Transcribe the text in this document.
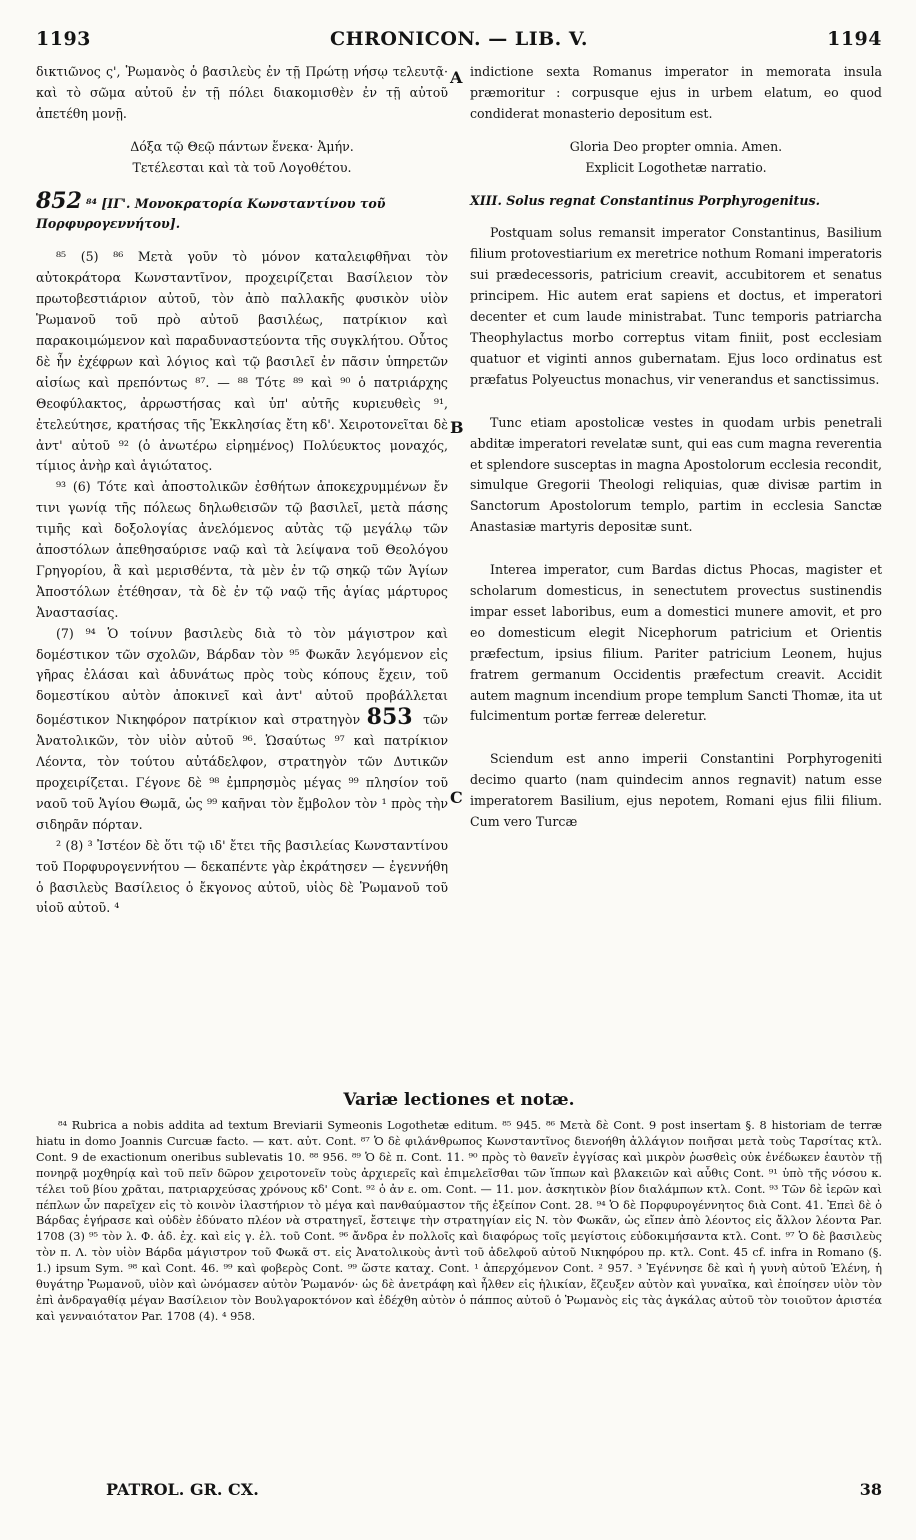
1193	CHRONICON. — LIB. V.	1194

δικτιῶνος ς', Ῥωμανὸς ὁ βασιλεὺς ἐν τῇ Πρώτῃ νήσῳ τελευτᾷ· καὶ τὸ σῶμα αὐτοῦ ἐν τῇ πόλει διακομισθὲν ἐν τῇ αὐτοῦ ἀπετέθη μονῇ.

Δόξα τῷ Θεῷ πάντων ἕνεκα· Ἀμήν.

Τετέλεσται καὶ τὰ τοῦ Λογοθέτου.

852 ⁸⁴ [ΙΓ'. Μονοκρατορία Κωνσταντίνου τοῦ Πορφυρογεννήτου].

⁸⁵ (5) ⁸⁶ Μετὰ γοῦν τὸ μόνον καταλειφθῆναι τὸν αὐτοκράτορα Κωνσταντῖνον, προχειρίζεται Βασίλειον τὸν πρωτοβεστιάριον αὐτοῦ, τὸν ἀπὸ παλλακῆς φυσικὸν υἱὸν Ῥωμανοῦ τοῦ πρὸ αὐτοῦ βασιλέως, πατρίκιον καὶ παρακοιμώμενον καὶ παραδυναστεύοντα τῆς συγκλήτου. Οὗτος δὲ ἦν ἐχέφρων καὶ λόγιος καὶ τῷ βασιλεῖ ἐν πᾶσιν ὑπηρετῶν αἰσίως καὶ πρεπόντως ⁸⁷. — ⁸⁸ Τότε ⁸⁹ καὶ ⁹⁰ ὁ πατριάρχης Θεοφύλακτος, ἀρρωστήσας καὶ ὑπ' αὐτῆς κυριευθεὶς ⁹¹, ἐτελεύτησε, κρατήσας τῆς Ἐκκλησίας ἔτη κδ'. Χειροτονεῖται δὲ ἀντ' αὐτοῦ ⁹² (ὁ ἀνωτέρω εἰρημένος) Πολύευκτος μοναχός, τίμιος ἀνὴρ καὶ ἁγιώτατος.

⁹³ (6) Τότε καὶ ἀποστολικῶν ἐσθήτων ἀποκεχρυμμένων ἔν τινι γωνίᾳ τῆς πόλεως δηλωθεισῶν τῷ βασιλεῖ, μετὰ πάσης τιμῆς καὶ δοξολογίας ἀνελόμενος αὐτὰς τῷ μεγάλῳ τῶν ἀποστόλων ἀπεθησαύρισε ναῷ καὶ τὰ λείψανα τοῦ Θεολόγου Γρηγορίου, ἃ καὶ μερισθέντα, τὰ μὲν ἐν τῷ σηκῷ τῶν Ἁγίων Ἀποστόλων ἐτέθησαν, τὰ δὲ ἐν τῷ ναῷ τῆς ἁγίας μάρτυρος Ἀναστασίας.

(7) ⁹⁴ Ὁ τοίνυν βασιλεὺς διὰ τὸ τὸν μάγιστρον καὶ δομέστικον τῶν σχολῶν, Βάρδαν τὸν ⁹⁵ Φωκᾶν λεγόμενον εἰς γῆρας ἐλάσαι καὶ ἀδυνάτως πρὸς τοὺς κόπους ἔχειν, τοῦ δομεστίκου αὐτὸν ἀποκινεῖ καὶ ἀντ' αὐτοῦ προβάλλεται δομέστικον Νικηφόρον πατρίκιον καὶ στρατηγὸν 853 τῶν Ἀνατολικῶν, τὸν υἱὸν αὐτοῦ ⁹⁶. Ὡσαύτως ⁹⁷ καὶ πατρίκιον Λέοντα, τὸν τούτου αὐτάδελφον, στρατηγὸν τῶν Δυτικῶν προχειρίζεται. Γέγονε δὲ ⁹⁸ ἐμπρησμὸς μέγας ⁹⁹ πλησίον τοῦ ναοῦ τοῦ Ἁγίου Θωμᾶ, ὡς ⁹⁹ καῆναι τὸν ἔμβολον τὸν ¹ πρὸς τὴν σιδηρᾶν πόρταν.

² (8) ³ Ἰστέον δὲ ὅτι τῷ ιδ' ἔτει τῆς βασιλείας Κωνσταντίνου τοῦ Πορφυρογεννήτου — δεκαπέντε γὰρ ἐκράτησεν — ἐγεννήθη ὁ βασιλεὺς Βασίλειος ὁ ἔκγονος αὐτοῦ, υἱὸς δὲ Ῥωμανοῦ τοῦ υἱοῦ αὐτοῦ. ⁴

A
B
C

indictione sexta Romanus imperator in memorata insula præmoritur : corpusque ejus in urbem elatum, eo quod condiderat monasterio depositum est.

Gloria Deo propter omnia. Amen.

Explicit Logothetæ narratio.

XIII. Solus regnat Constantinus Porphyrogenitus.

Postquam solus remansit imperator Constantinus, Basilium filium protovestiarium ex meretrice nothum Romani imperatoris sui prædecessoris, patricium creavit, accubitorem et senatus principem. Hic autem erat sapiens et doctus, et imperatori decenter et cum laude ministrabat. Tunc temporis patriarcha Theophylactus morbo correptus vitam finiit, post ecclesiam quatuor et viginti annos gubernatam. Ejus loco ordinatus est præfatus Polyeuctus monachus, vir venerandus et sanctissimus.

Tunc etiam apostolicæ vestes in quodam urbis penetrali abditæ imperatori revelatæ sunt, qui eas cum magna reverentia et splendore susceptas in magna Apostolorum ecclesia recondit, simulque Gregorii Theologi reliquias, quæ divisæ partim in Sanctorum Apostolorum templo, partim in ecclesia Sanctæ Anastasiæ martyris depositæ sunt.

Interea imperator, cum Bardas dictus Phocas, magister et scholarum domesticus, in senectutem provectus sustinendis impar esset laboribus, eum a domestici munere amovit, et pro eo domesticum elegit Nicephorum patricium et Orientis præfectum, ipsius filium. Pariter patricium Leonem, hujus fratrem germanum Occidentis præfectum creavit. Accidit autem magnum incendium prope templum Sancti Thomæ, ita ut fulcimentum portæ ferreæ deleretur.

Sciendum est anno imperii Constantini Porphyrogeniti decimo quarto (nam quindecim annos regnavit) natum esse imperatorem Basilium, ejus nepotem, Romani ejus filii filium. Cum vero Turcæ

Variæ lectiones et notæ.

⁸⁴ Rubrica a nobis addita ad textum Breviarii Symeonis Logothetæ editum. ⁸⁵ 945. ⁸⁶ Μετὰ δὲ Cont. 9 post insertam §. 8 historiam de terræ hiatu in domo Joannis Curcuæ facto. — κατ. αὐτ. Cont. ⁸⁷ Ὁ δὲ φιλάνθρωπος Κωνσταντῖνος διενοήθη ἀλλάγιον ποιῆσαι μετὰ τοὺς Ταρσίτας κτλ. Cont. 9 de exactionum oneribus sublevatis 10. ⁸⁸ 956. ⁸⁹ Ὁ δὲ π. Cont. 11. ⁹⁰ πρὸς τὸ θανεῖν ἐγγίσας καὶ μικρὸν ῥωσθεὶς οὐκ ἐνέδωκεν ἑαυτὸν τῇ πονηρᾷ μοχθηρίᾳ καὶ τοῦ πεῖν δῶρον χειροτονεῖν τοὺς ἀρχιερεῖς καὶ ἐπιμελεῖσθαι τῶν ἵππων καὶ βλακειῶν καὶ αὖθις Cont. ⁹¹ ὑπὸ τῆς νόσου κ. τέλει τοῦ βίου χρᾶται, πατριαρχεύσας χρόνους κδ' Cont. ⁹² ὁ ἀν ε. om. Cont. — 11. μον. ἀσκητικὸν βίον διαλάμπων κτλ. Cont. ⁹³ Τῶν δὲ ἱερῶν καὶ πέπλων ὧν παρεῖχεν εἰς τὸ κοινὸν ἱλαστήριον τὸ μέγα καὶ πανθαύμαστον τῆς ἐξείπον Cont. 28. ⁹⁴ Ὁ δὲ Πορφυρογέννητος διὰ Cont. 41. Ἐπεὶ δὲ ὁ Βάρδας ἐγήρασε καὶ οὐδὲν ἐδύνατο πλέον νὰ στρατηγεῖ, ἔστειψε τὴν στρατηγίαν εἰς N. τὸν Φωκᾶν, ὡς εἴπεν ἀπὸ λέοντος εἰς ἄλλον λέοντα Par. 1708 (3) ⁹⁵ τὸν λ. Φ. ἀδ. ἐχ. καὶ εἰς γ. ἐλ. τοῦ Cont. ⁹⁶ ἄνδρα ἐν πολλοῖς καὶ διαφόρως τοῖς μεγίστοις εὐδοκιμήσαντα κτλ. Cont. ⁹⁷ Ὁ δὲ βασιλεὺς τὸν π. Λ. τὸν υἱὸν Βάρδα μάγιστρον τοῦ Φωκᾶ στ. εἰς Ἀνατολικοὺς ἀντὶ τοῦ ἀδελφοῦ αὐτοῦ Νικηφόρου πρ. κτλ. Cont. 45 cf. infra in Romano (§. 1.) ipsum Sym. ⁹⁸ καὶ Cont. 46. ⁹⁹ καὶ φοβερὸς Cont. ⁹⁹ ὥστε καταχ. Cont. ¹ ἀπερχόμενον Cont. ² 957. ³ Ἐγέννησε δὲ καὶ ἡ γυνὴ αὐτοῦ Ἑλένη, ἡ θυγάτηρ Ῥωμανοῦ, υἱὸν καὶ ὠνόμασεν αὐτὸν Ῥωμανόν· ὡς δὲ ἀνετράφη καὶ ἦλθεν εἰς ἡλικίαν, ἔζευξεν αὐτὸν καὶ γυναῖκα, καὶ ἐποίησεν υἱὸν τὸν ἐπὶ ἀνδραγαθίᾳ μέγαν Βασίλειον τὸν Βουλγαροκτόνον καὶ ἐδέχθη αὐτὸν ὁ πάππος αὐτοῦ ὁ Ῥωμανὸς εἰς τὰς ἀγκάλας αὐτοῦ τὸν τοιοῦτον ἀριστέα καὶ γενναιότατον Par. 1708 (4). ⁴ 958.

PATROL. GR. CX.	38
